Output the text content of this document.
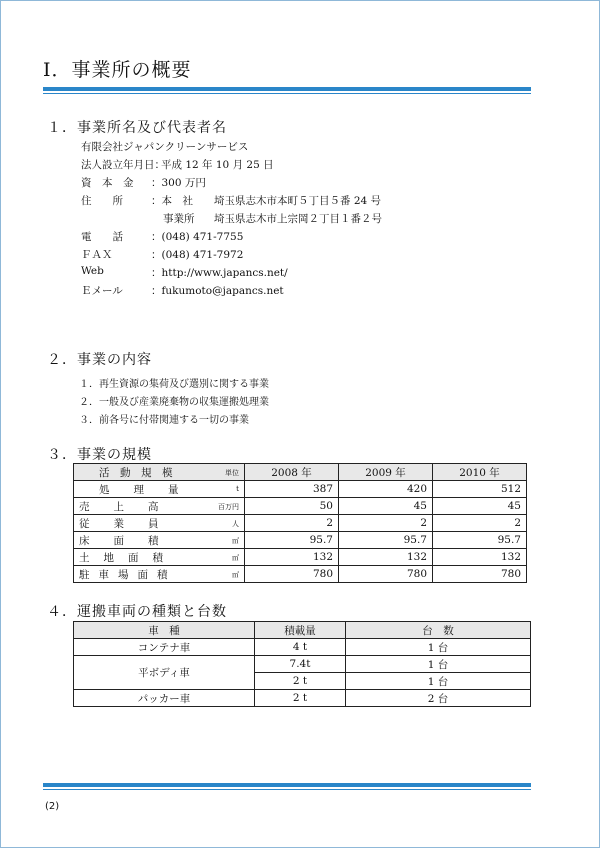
Ⅰ．事業所の概要
１．事業所名及び代表者名
有限会社ジャパンクリーンサービス
法人設立年月日：
平成 12 年 10 月 25 日
資　本　金 ：300 万円
住　　所	：本　社 埼玉県志木市本町５丁目５番 24 号
事業所 埼玉県志木市上宗岡２丁目１番２号
電　　話	：(048) 471-7755
ＦＡＸ	：(048) 471-7972
Web	：http://www.japancs.net/
Ｅメール	：fukumoto@japancs.net
２．事業の内容
１．再生資源の集荷及び選別に関する事業
２．一般及び産業廃棄物の収集運搬処理業
３．前各号に付帯関連する一切の事業
３．事業の規模
活　動　規　模 単位	2008 年	2009 年	2010 年
処理量 t	387	420	512
売上高 百万円	50	45	45
従業員 人	2	2	2
床面積 ㎡	95.7	95.7	95.7
土地面積 ㎡	132	132	132
駐車場面積 ㎡	780	780	780
４．運搬車両の種類と台数
車　種	積載量	台　数
コンテナ車	4 t	1 台
平ボディ車	7.4t	1 台
	2 t	1 台
パッカー車	2 t	2 台
(2)
